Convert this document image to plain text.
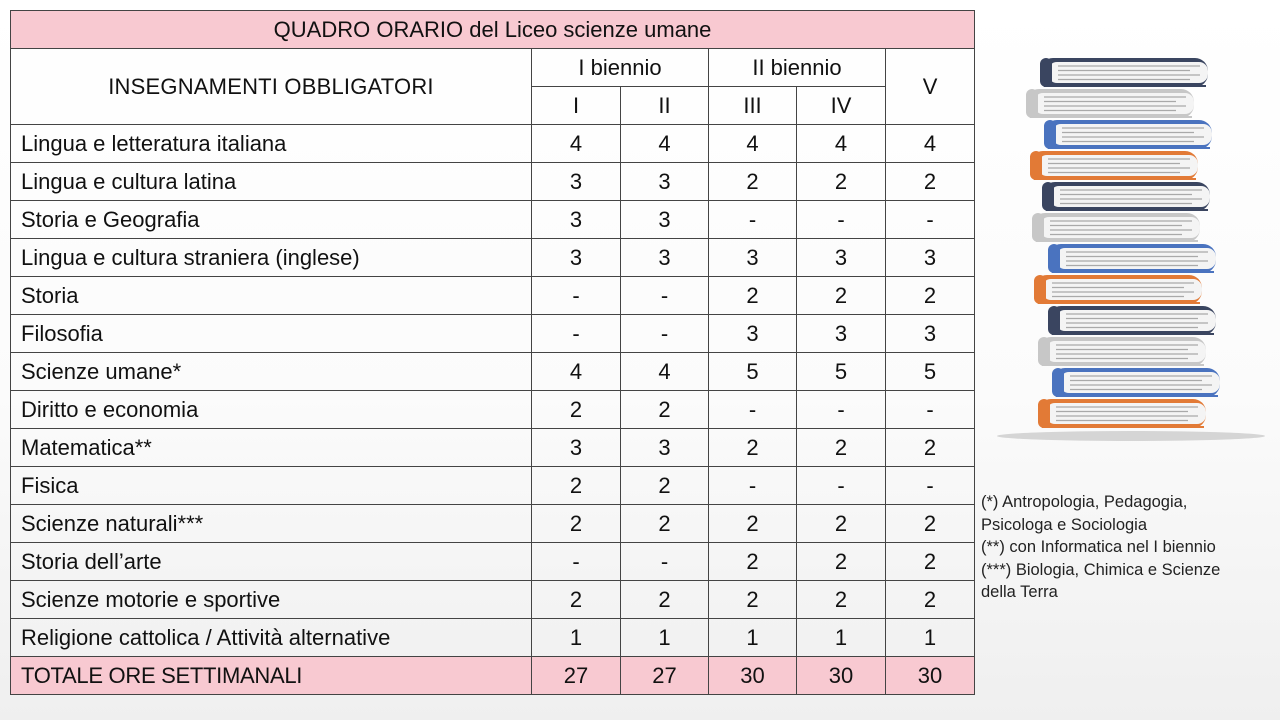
QUADRO ORARIO del Liceo scienze umane					
INSEGNAMENTI OBBLIGATORI	I biennio		II biennio		V
	I	II	III	IV	
Lingua e letteratura italiana	4	4	4	4	4
Lingua e cultura latina	3	3	2	2	2
Storia e Geografia	3	3	-	-	-
Lingua e cultura straniera (inglese)	3	3	3	3	3
Storia	-	-	2	2	2
Filosofia	-	-	3	3	3
Scienze umane*	4	4	5	5	5
Diritto e economia	2	2	-	-	-
Matematica**	3	3	2	2	2
Fisica	2	2	-	-	-
Scienze naturali***	2	2	2	2	2
Storia dell’arte	-	-	2	2	2
Scienze motorie e sportive	2	2	2	2	2
Religione cattolica / Attività alternative	1	1	1	1	1
TOTALE ORE SETTIMANALI	27	27	30	30	30
(*) Antropologia, Pedagogia,
Psicologa e Sociologia
(**) con Informatica nel I biennio
(***) Biologia, Chimica e Scienze
della Terra
